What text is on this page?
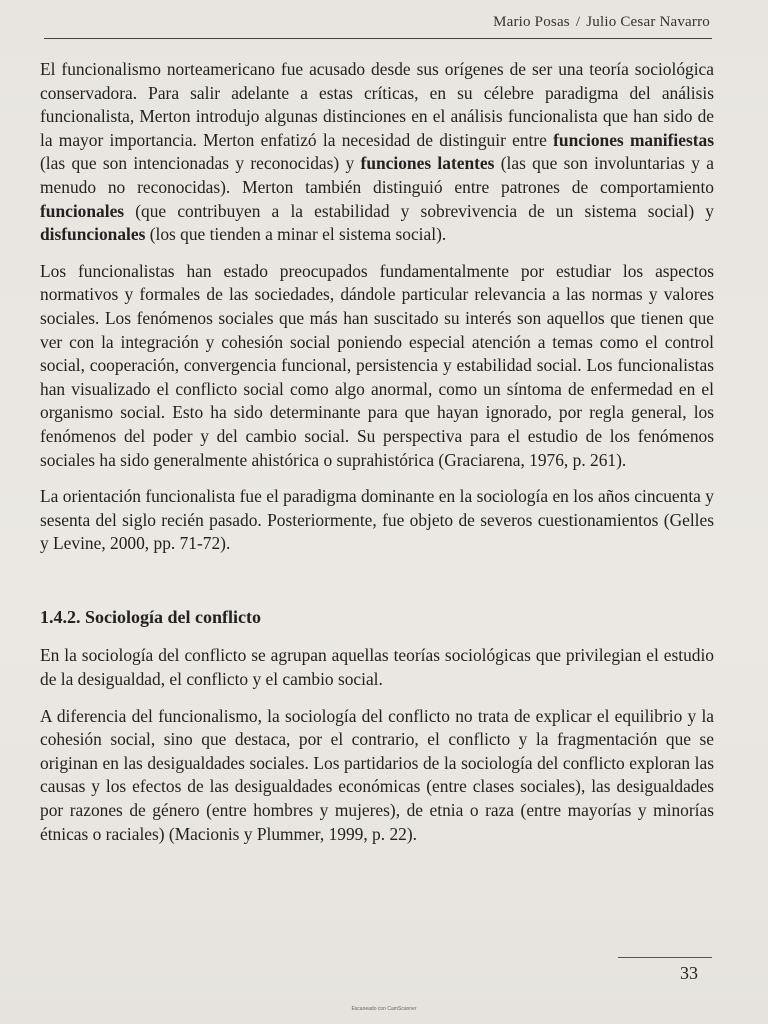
Mario Posas / Julio Cesar Navarro

El funcionalismo norteamericano fue acusado desde sus orígenes de ser una teoría sociológica conservadora. Para salir adelante a estas críticas, en su célebre paradigma del análisis funcionalista, Merton introdujo algunas distinciones en el análisis funcionalista que han sido de la mayor importancia. Merton enfatizó la necesidad de distinguir entre funciones manifiestas (las que son intencionadas y reconocidas) y funciones latentes (las que son involuntarias y a menudo no reconocidas). Merton también distinguió entre patrones de comportamiento funcionales (que contribuyen a la estabilidad y sobrevivencia de un sistema social) y disfuncionales (los que tienden a minar el sistema social).

Los funcionalistas han estado preocupados fundamentalmente por estudiar los aspectos normativos y formales de las sociedades, dándole particular relevancia a las normas y valores sociales. Los fenómenos sociales que más han suscitado su interés son aquellos que tienen que ver con la integración y cohesión social poniendo especial atención a temas como el control social, cooperación, convergencia funcional, persistencia y estabilidad social. Los funcionalistas han visualizado el conflicto social como algo anormal, como un síntoma de enfermedad en el organismo social. Esto ha sido determinante para que hayan ignorado, por regla general, los fenómenos del poder y del cambio social. Su perspectiva para el estudio de los fenómenos sociales ha sido generalmente ahistórica o suprahistórica (Graciarena, 1976, p. 261).

La orientación funcionalista fue el paradigma dominante en la sociología en los años cincuenta y sesenta del siglo recién pasado. Posteriormente, fue objeto de severos cuestionamientos (Gelles y Levine, 2000, pp. 71-72).

1.4.2. Sociología del conflicto

En la sociología del conflicto se agrupan aquellas teorías sociológicas que privilegian el estudio de la desigualdad, el conflicto y el cambio social.

A diferencia del funcionalismo, la sociología del conflicto no trata de explicar el equilibrio y la cohesión social, sino que destaca, por el contrario, el conflicto y la fragmentación que se originan en las desigualdades sociales. Los partidarios de la sociología del conflicto exploran las causas y los efectos de las desigualdades económicas (entre clases sociales), las desigualdades por razones de género (entre hombres y mujeres), de etnia o raza (entre mayorías y minorías étnicas o raciales) (Macionis y Plummer, 1999, p. 22).

33
Escaneado con CamScanner
